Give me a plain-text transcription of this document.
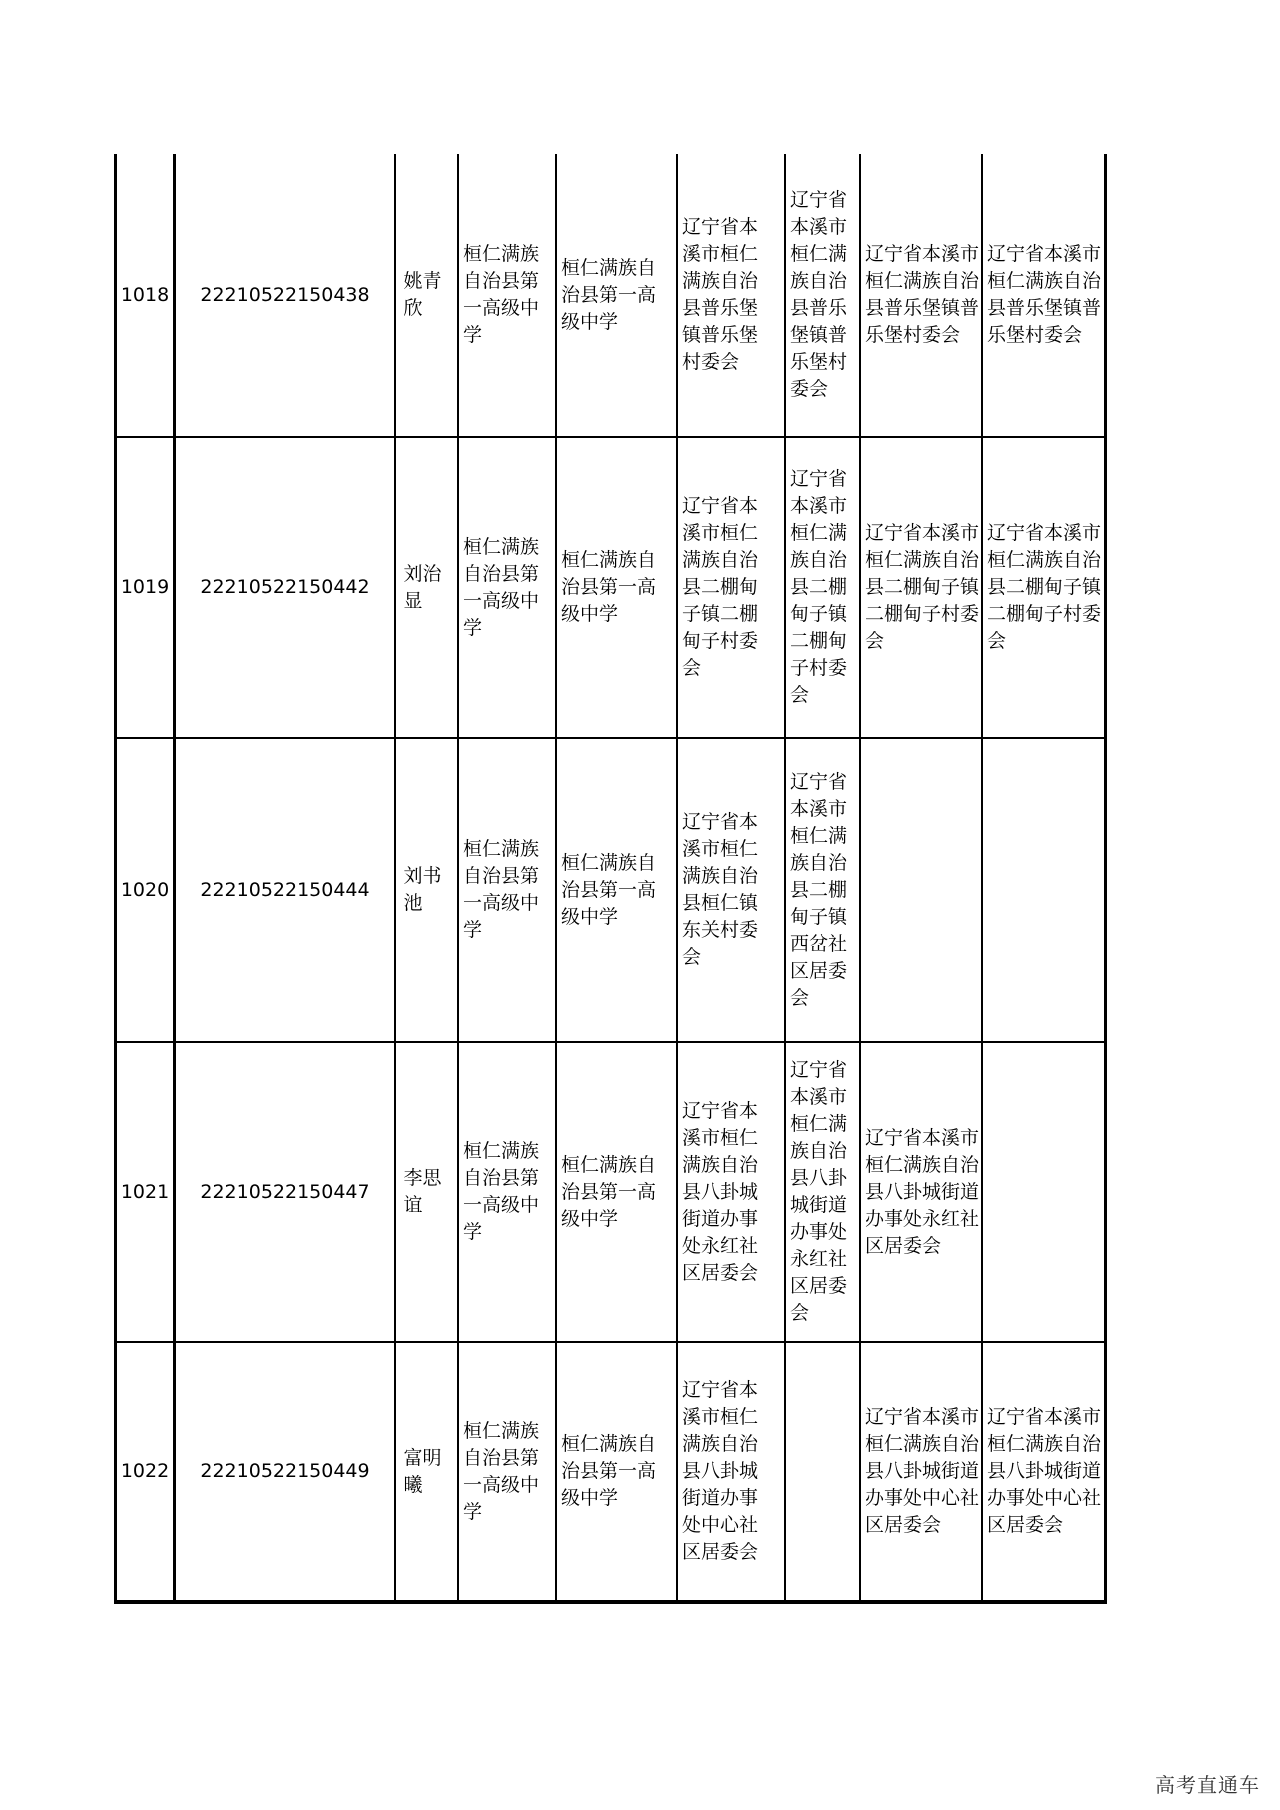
1018 22210522150438
姚青欣
桓仁满族自治县第一高级中学
桓仁满族自治县第一高级中学
辽宁省本溪市桓仁满族自治县普乐堡镇普乐堡村委会
辽宁省本溪市桓仁满族自治县普乐堡镇普乐堡村委会
辽宁省本溪市桓仁满族自治县普乐堡镇普乐堡村委会
辽宁省本溪市桓仁满族自治县普乐堡镇普乐堡村委会
1019 22210522150442
刘治显
桓仁满族自治县第一高级中学
桓仁满族自治县第一高级中学
辽宁省本溪市桓仁满族自治县二棚甸子镇二棚甸子村委会
辽宁省本溪市桓仁满族自治县二棚甸子镇二棚甸子村委会
辽宁省本溪市桓仁满族自治县二棚甸子镇二棚甸子村委会
辽宁省本溪市桓仁满族自治县二棚甸子镇二棚甸子村委会
1020 22210522150444
刘书池
桓仁满族自治县第一高级中学
桓仁满族自治县第一高级中学
辽宁省本溪市桓仁满族自治县桓仁镇东关村委会
辽宁省本溪市桓仁满族自治县二棚甸子镇西岔社区居委会
1021 22210522150447
李思谊
桓仁满族自治县第一高级中学
桓仁满族自治县第一高级中学
辽宁省本溪市桓仁满族自治县八卦城街道办事处永红社区居委会
辽宁省本溪市桓仁满族自治县八卦城街道办事处永红社区居委会
辽宁省本溪市桓仁满族自治县八卦城街道办事处永红社区居委会
1022 22210522150449
富明曦
桓仁满族自治县第一高级中学
桓仁满族自治县第一高级中学
辽宁省本溪市桓仁满族自治县八卦城街道办事处中心社区居委会
辽宁省本溪市桓仁满族自治县八卦城街道办事处中心社区居委会
辽宁省本溪市桓仁满族自治县八卦城街道办事处中心社区居委会
高考直通车
